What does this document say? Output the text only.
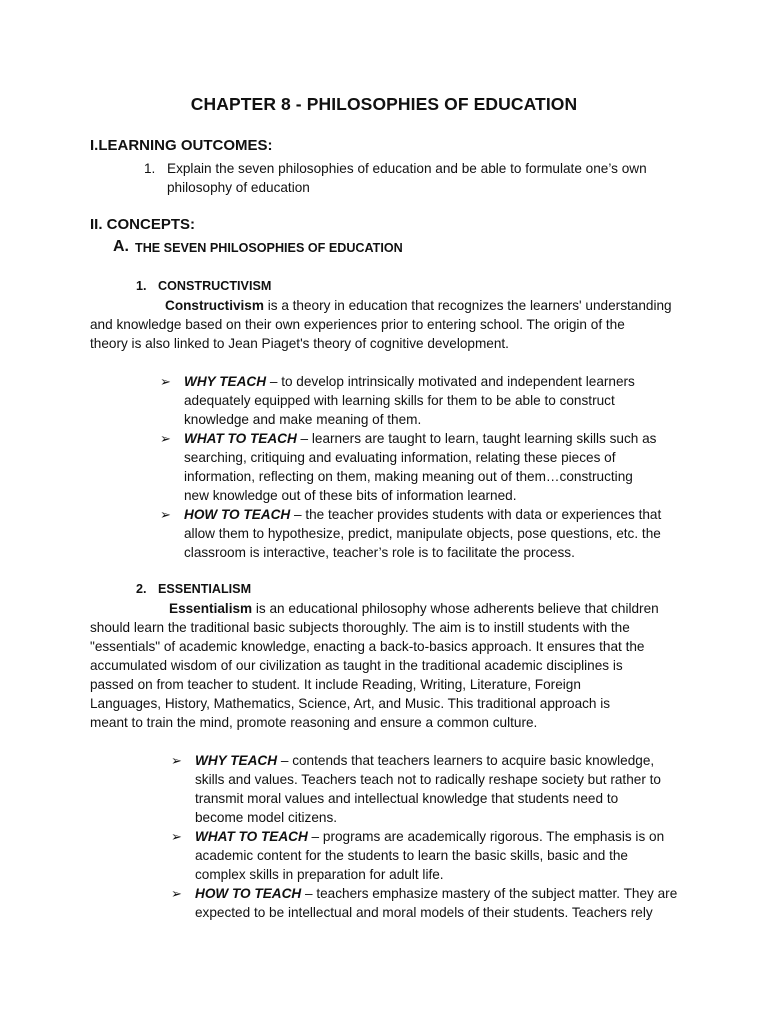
CHAPTER 8 - PHILOSOPHIES OF EDUCATION
I.LEARNING OUTCOMES:
1. Explain the seven philosophies of education and be able to formulate one’s own
philosophy of education
II. CONCEPTS:
A. THE SEVEN PHILOSOPHIES OF EDUCATION
1. CONSTRUCTIVISM
Constructivism is a theory in education that recognizes the learners' understanding
and knowledge based on their own experiences prior to entering school. The origin of the
theory is also linked to Jean Piaget's theory of cognitive development.
➢ WHY TEACH – to develop intrinsically motivated and independent learners
adequately equipped with learning skills for them to be able to construct
knowledge and make meaning of them.
➢ WHAT TO TEACH – learners are taught to learn, taught learning skills such as
searching, critiquing and evaluating information, relating these pieces of
information, reflecting on them, making meaning out of them…constructing
new knowledge out of these bits of information learned.
➢ HOW TO TEACH – the teacher provides students with data or experiences that
allow them to hypothesize, predict, manipulate objects, pose questions, etc. the
classroom is interactive, teacher’s role is to facilitate the process.
2. ESSENTIALISM
Essentialism is an educational philosophy whose adherents believe that children
should learn the traditional basic subjects thoroughly. The aim is to instill students with the
"essentials" of academic knowledge, enacting a back-to-basics approach. It ensures that the
accumulated wisdom of our civilization as taught in the traditional academic disciplines is
passed on from teacher to student. It include Reading, Writing, Literature, Foreign
Languages, History, Mathematics, Science, Art, and Music. This traditional approach is
meant to train the mind, promote reasoning and ensure a common culture.
➢ WHY TEACH – contends that teachers learners to acquire basic knowledge,
skills and values. Teachers teach not to radically reshape society but rather to
transmit moral values and intellectual knowledge that students need to
become model citizens.
➢ WHAT TO TEACH – programs are academically rigorous. The emphasis is on
academic content for the students to learn the basic skills, basic and the
complex skills in preparation for adult life.
➢ HOW TO TEACH – teachers emphasize mastery of the subject matter. They are
expected to be intellectual and moral models of their students. Teachers rely
